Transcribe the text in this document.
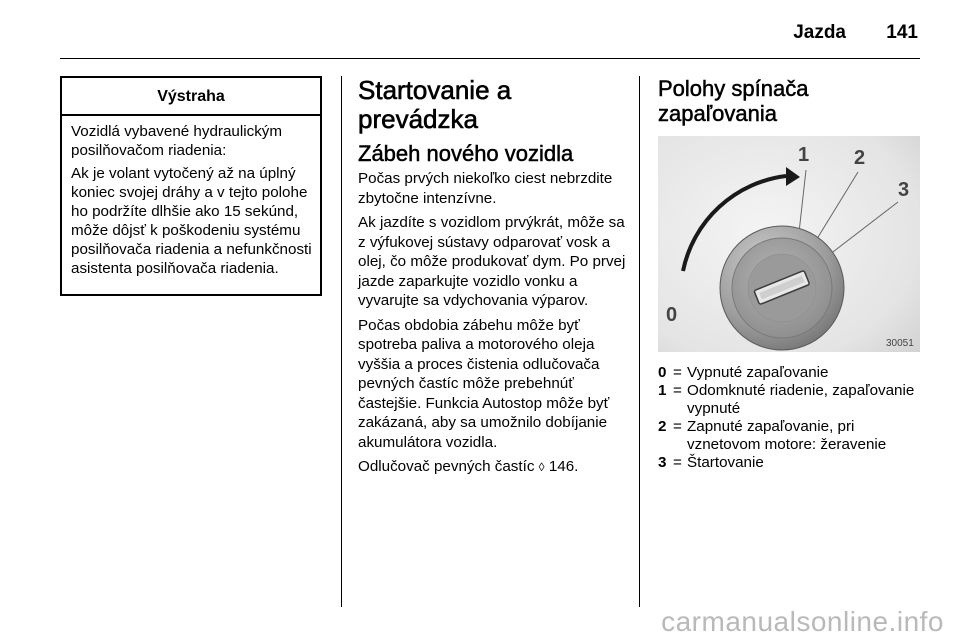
Jazda 141
Výstraha

Vozidlá vybavené hydraulickým posilňovačom riadenia:

Ak je volant vytočený až na úplný koniec svojej dráhy a v tejto polohe ho podržíte dlhšie ako 15 sekúnd, môže dôjsť k poškodeniu systému posilňovača riadenia a nefunkčnosti asistenta posilňovača riadenia.

Startovanie a prevádzka
Zábeh nového vozidla

Počas prvých niekoľko ciest nebrzdite zbytočne intenzívne.

Ak jazdíte s vozidlom prvýkrát, môže sa z výfukovej sústavy odparovať vosk a olej, čo môže produkovať dym. Po prvej jazde zaparkujte vozidlo vonku a vyvarujte sa vdychovania výparov.

Počas obdobia zábehu môže byť spotreba paliva a motorového oleja vyššia a proces čistenia odlučovača pevných častíc môže prebehnúť častejšie. Funkcia Autostop môže byť zakázaná, aby sa umožnilo dobíjanie akumulátora vozidla.

Odlučovač pevných častíc ◊ 146.

Polohy spínača zapaľovania
0
1 2
3
30051
0 = Vypnuté zapaľovanie
1 = Odomknuté riadenie, zapaľovanie vypnuté
2 = Zapnuté zapaľovanie, pri vznetovom motore: žeravenie
3 = Štartovanie
carmanualsonline.info
